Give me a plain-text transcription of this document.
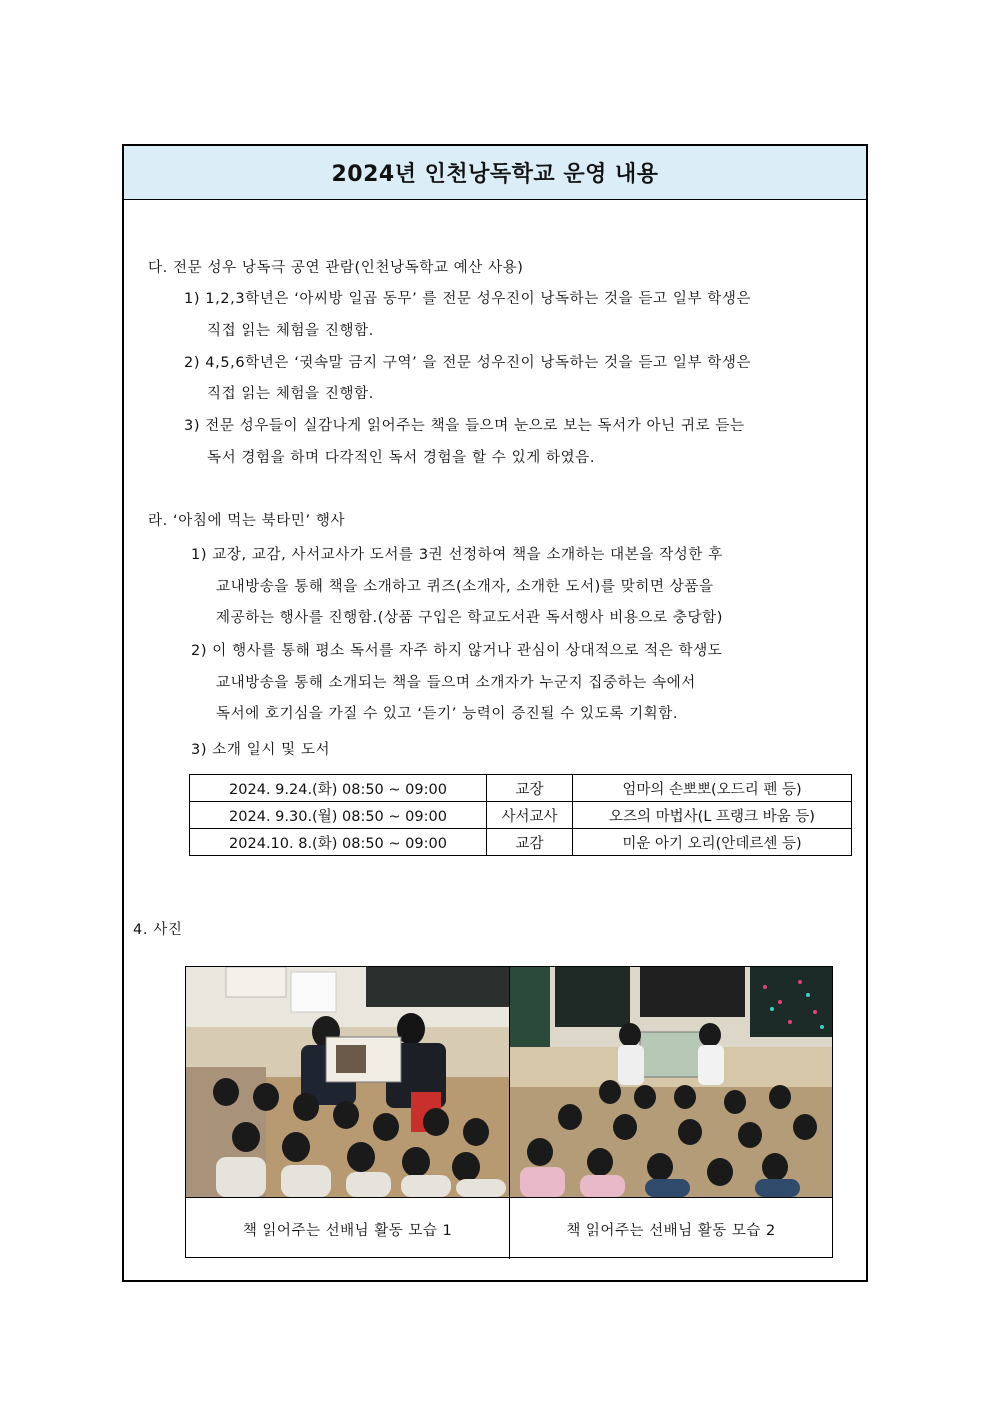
2024년 인천낭독학교 운영 내용
다. 전문 성우 낭독극 공연 관람(인천낭독학교 예산 사용)
1) 1,2,3학년은 ‘아씨방 일곱 동무’ 를 전문 성우진이 낭독하는 것을 듣고 일부 학생은
직접 읽는 체험을 진행함.
2) 4,5,6학년은 ‘귓속말 금지 구역’ 을 전문 성우진이 낭독하는 것을 듣고 일부 학생은
직접 읽는 체험을 진행함.
3) 전문 성우들이 실감나게 읽어주는 책을 들으며 눈으로 보는 독서가 아닌 귀로 듣는
독서 경험을 하며 다각적인 독서 경험을 할 수 있게 하였음.
라. ‘아침에 먹는 북타민’ 행사
1) 교장, 교감, 사서교사가 도서를 3권 선정하여 책을 소개하는 대본을 작성한 후
교내방송을 통해 책을 소개하고 퀴즈(소개자, 소개한 도서)를 맞히면 상품을
제공하는 행사를 진행함.(상품 구입은 학교도서관 독서행사 비용으로 충당함)
2) 이 행사를 통해 평소 독서를 자주 하지 않거나 관심이 상대적으로 적은 학생도
교내방송을 통해 소개되는 책을 들으며 소개자가 누군지 집중하는 속에서
독서에 호기심을 가질 수 있고 ‘듣기’ 능력이 증진될 수 있도록 기획함.
3) 소개 일시 및 도서
2024. 9.24.(화) 08:50 ~ 09:00	교장	엄마의 손뽀뽀(오드리 펜 등)
2024. 9.30.(월) 08:50 ~ 09:00	사서교사	오즈의 마법사(L 프랭크 바움 등)
2024.10. 8.(화) 08:50 ~ 09:00	교감	미운 아기 오리(안데르센 등)
4. 사진
책 읽어주는 선배님 활동 모습 1	책 읽어주는 선배님 활동 모습 2
